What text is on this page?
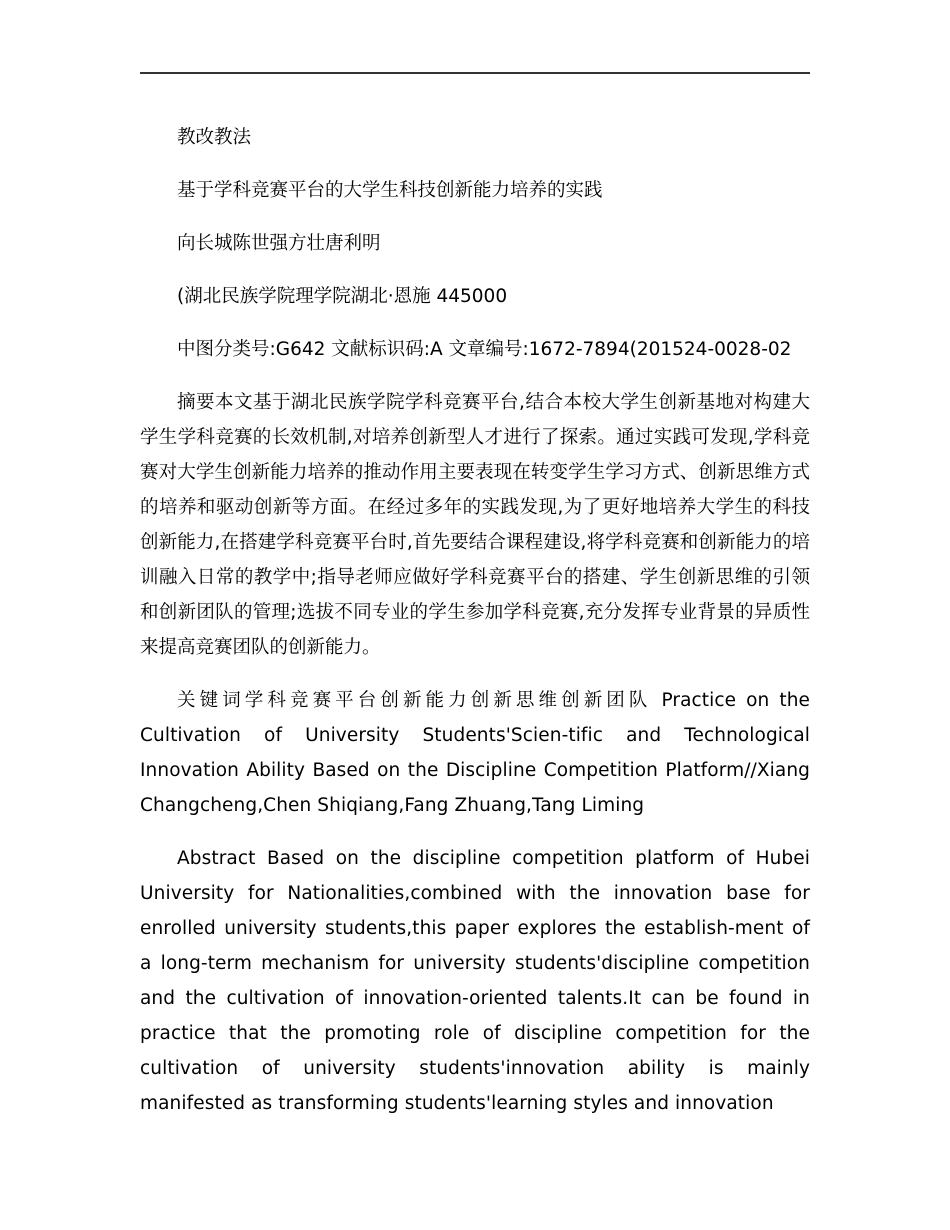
教改教法

基于学科竞赛平台的大学生科技创新能力培养的实践

向长城陈世强方壮唐利明

(湖北民族学院理学院湖北·恩施 445000

中图分类号:G642 文献标识码:A 文章编号:1672-7894(201524-0028-02

摘要本文基于湖北民族学院学科竞赛平台,结合本校大学生创新基地对构建大学生学科竞赛的长效机制,对培养创新型人才进行了探索。通过实践可发现,学科竞赛对大学生创新能力培养的推动作用主要表现在转变学生学习方式、创新思维方式的培养和驱动创新等方面。在经过多年的实践发现,为了更好地培养大学生的科技创新能力,在搭建学科竞赛平台时,首先要结合课程建设,将学科竞赛和创新能力的培训融入日常的教学中;指导老师应做好学科竞赛平台的搭建、学生创新思维的引领和创新团队的管理;选拔不同专业的学生参加学科竞赛,充分发挥专业背景的异质性来提高竞赛团队的创新能力。

关键词学科竞赛平台创新能力创新思维创新团队 Practice on the Cultivation of University Students'Scien-tific and Technological Innovation Ability Based on the Discipline Competition Platform//Xiang Changcheng,Chen Shiqiang,Fang Zhuang,Tang Liming

Abstract Based on the discipline competition platform of Hubei University for Nationalities,combined with the innovation base for enrolled university students,this paper explores the establish-ment of a long-term mechanism for university students'discipline competition and the cultivation of innovation-oriented talents.It can be found in practice that the promoting role of discipline competition for the cultivation of university students'innovation ability is mainly manifested as transforming students'learning styles and innovation
